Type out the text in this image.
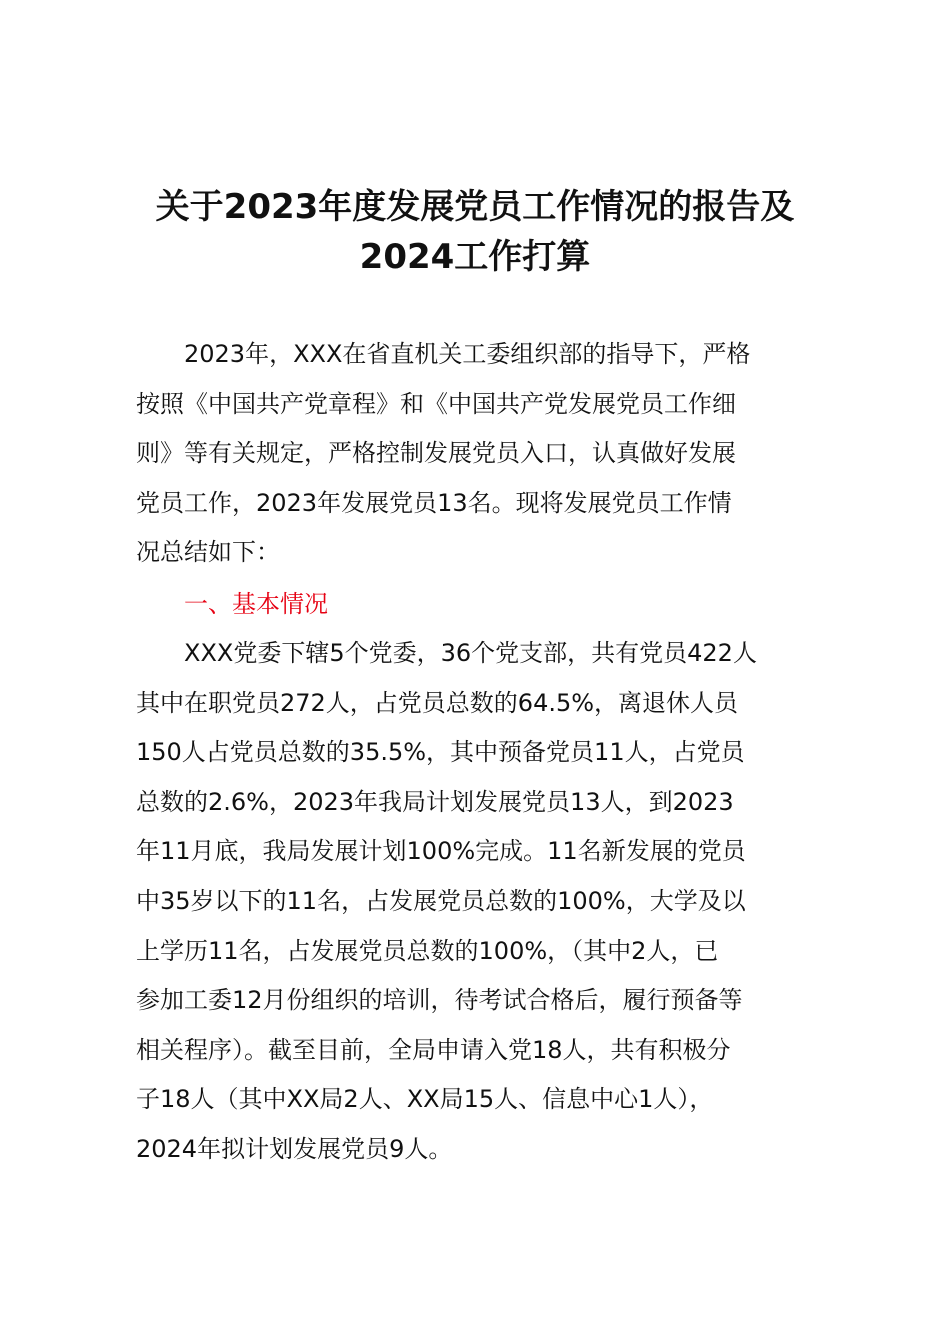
关于2023年度发展党员工作情况的报告及
2024工作打算
2023年，XXX在省直机关工委组织部的指导下，严格
按照《中国共产党章程》和《中国共产党发展党员工作细
则》等有关规定，严格控制发展党员入口，认真做好发展
党员工作，2023年发展党员13名。现将发展党员工作情
况总结如下：
一、基本情况
XXX党委下辖5个党委，36个党支部，共有党员422人
其中在职党员272人，占党员总数的64.5%，离退休人员
150人占党员总数的35.5%，其中预备党员11人，占党员
总数的2.6%，2023年我局计划发展党员13人，到2023
年11月底，我局发展计划100%完成。11名新发展的党员
中35岁以下的11名，占发展党员总数的100%，大学及以
上学历11名，占发展党员总数的100%，（其中2人，已
参加工委12月份组织的培训，待考试合格后，履行预备等
相关程序）。截至目前，全局申请入党18人，共有积极分
子18人（其中XX局2人、XX局15人、信息中心1人），
2024年拟计划发展党员9人。
